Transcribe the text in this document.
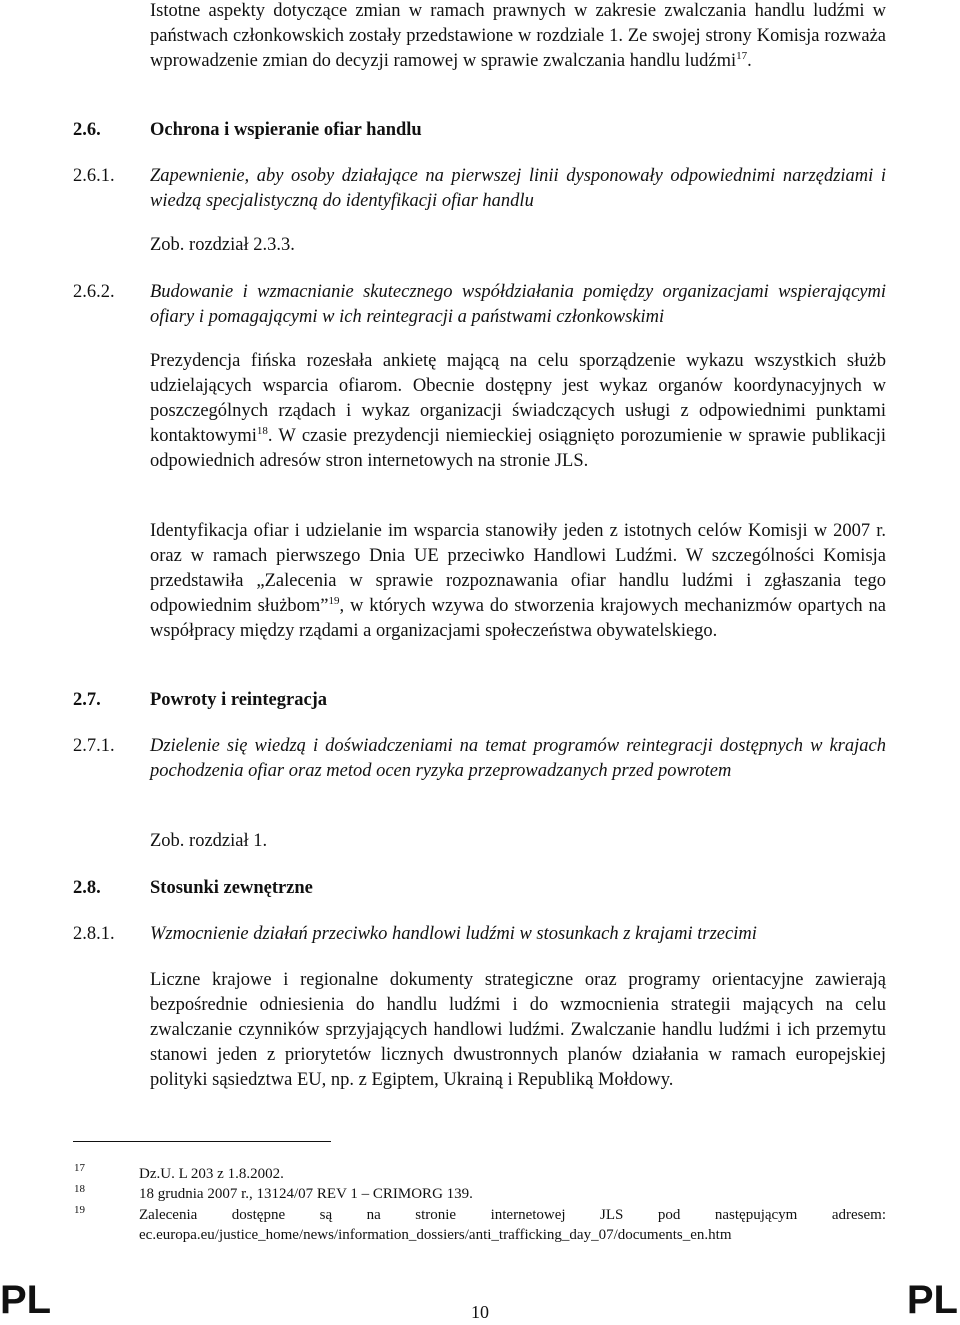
Istotne aspekty dotyczące zmian w ramach prawnych w zakresie zwalczania handlu ludźmi w państwach członkowskich zostały przedstawione w rozdziale 1. Ze swojej strony Komisja rozważa wprowadzenie zmian do decyzji ramowej w sprawie zwalczania handlu ludźmi$^{17}$.
2.6.	Ochrona i wspieranie ofiar handlu
2.6.1. Zapewnienie, aby osoby działające na pierwszej linii dysponowały odpowiednimi narzędziami i wiedzą specjalistyczną do identyfikacji ofiar handlu
Zob. rozdział 2.3.3.
2.6.2. Budowanie i wzmacnianie skutecznego współdziałania pomiędzy organizacjami wspierającymi ofiary i pomagającymi w ich reintegracji a państwami członkowskimi
Prezydencja fińska rozesłała ankietę mającą na celu sporządzenie wykazu wszystkich służb udzielających wsparcia ofiarom. Obecnie dostępny jest wykaz organów koordynacyjnych w poszczególnych rządach i wykaz organizacji świadczących usługi z odpowiednimi punktami kontaktowymi$^{18}$. W czasie prezydencji niemieckiej osiągnięto porozumienie w sprawie publikacji odpowiednich adresów stron internetowych na stronie JLS.
Identyfikacja ofiar i udzielanie im wsparcia stanowiły jeden z istotnych celów Komisji w 2007 r. oraz w ramach pierwszego Dnia UE przeciwko Handlowi Ludźmi. W szczególności Komisja przedstawiła „Zalecenia w sprawie rozpoznawania ofiar handlu ludźmi i zgłaszania tego odpowiednim służbom”$^{19}$, w których wzywa do stworzenia krajowych mechanizmów opartych na współpracy między rządami a organizacjami społeczeństwa obywatelskiego.
2.7.	Powroty i reintegracja
2.7.1. Dzielenie się wiedzą i doświadczeniami na temat programów reintegracji dostępnych w krajach pochodzenia ofiar oraz metod ocen ryzyka przeprowadzanych przed powrotem
Zob. rozdział 1.
2.8.	Stosunki zewnętrzne
2.8.1. Wzmocnienie działań przeciwko handlowi ludźmi w stosunkach z krajami trzecimi
Liczne krajowe i regionalne dokumenty strategiczne oraz programy orientacyjne zawierają bezpośrednie odniesienia do handlu ludźmi i do wzmocnienia strategii mających na celu zwalczanie czynników sprzyjających handlowi ludźmi. Zwalczanie handlu ludźmi i ich przemytu stanowi jeden z priorytetów licznych dwustronnych planów działania w ramach europejskiej polityki sąsiedztwa EU, np. z Egiptem, Ukrainą i Republiką Mołdowy.
17	Dz.U. L 203 z 1.8.2002.
18	18 grudnia 2007 r., 13124/07 REV 1 – CRIMORG 139.
19	Zalecenia dostępne są na stronie internetowej JLS pod następującym adresem: ec.europa.eu/justice_home/news/information_dossiers/anti_trafficking_day_07/documents_en.htm
PL	10	PL
